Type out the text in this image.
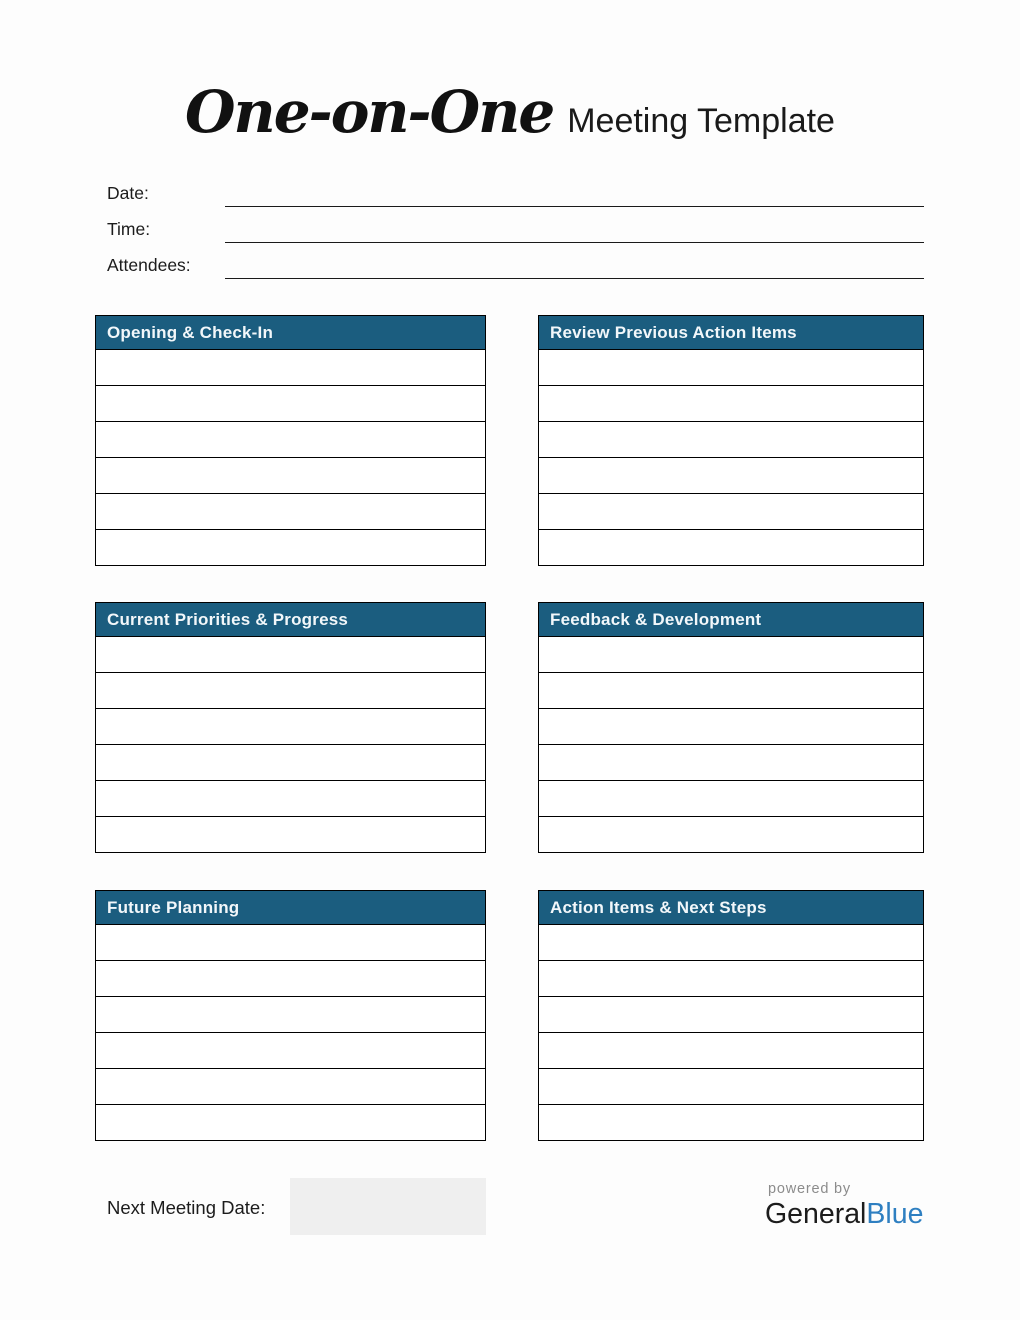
One-on-One Meeting Template
Date:
Time:
Attendees:
Opening & Check-In	Review Previous Action Items
Current Priorities & Progress	Feedback & Development
Future Planning	Action Items & Next Steps
Next Meeting Date:
powered by
GeneralBlue
